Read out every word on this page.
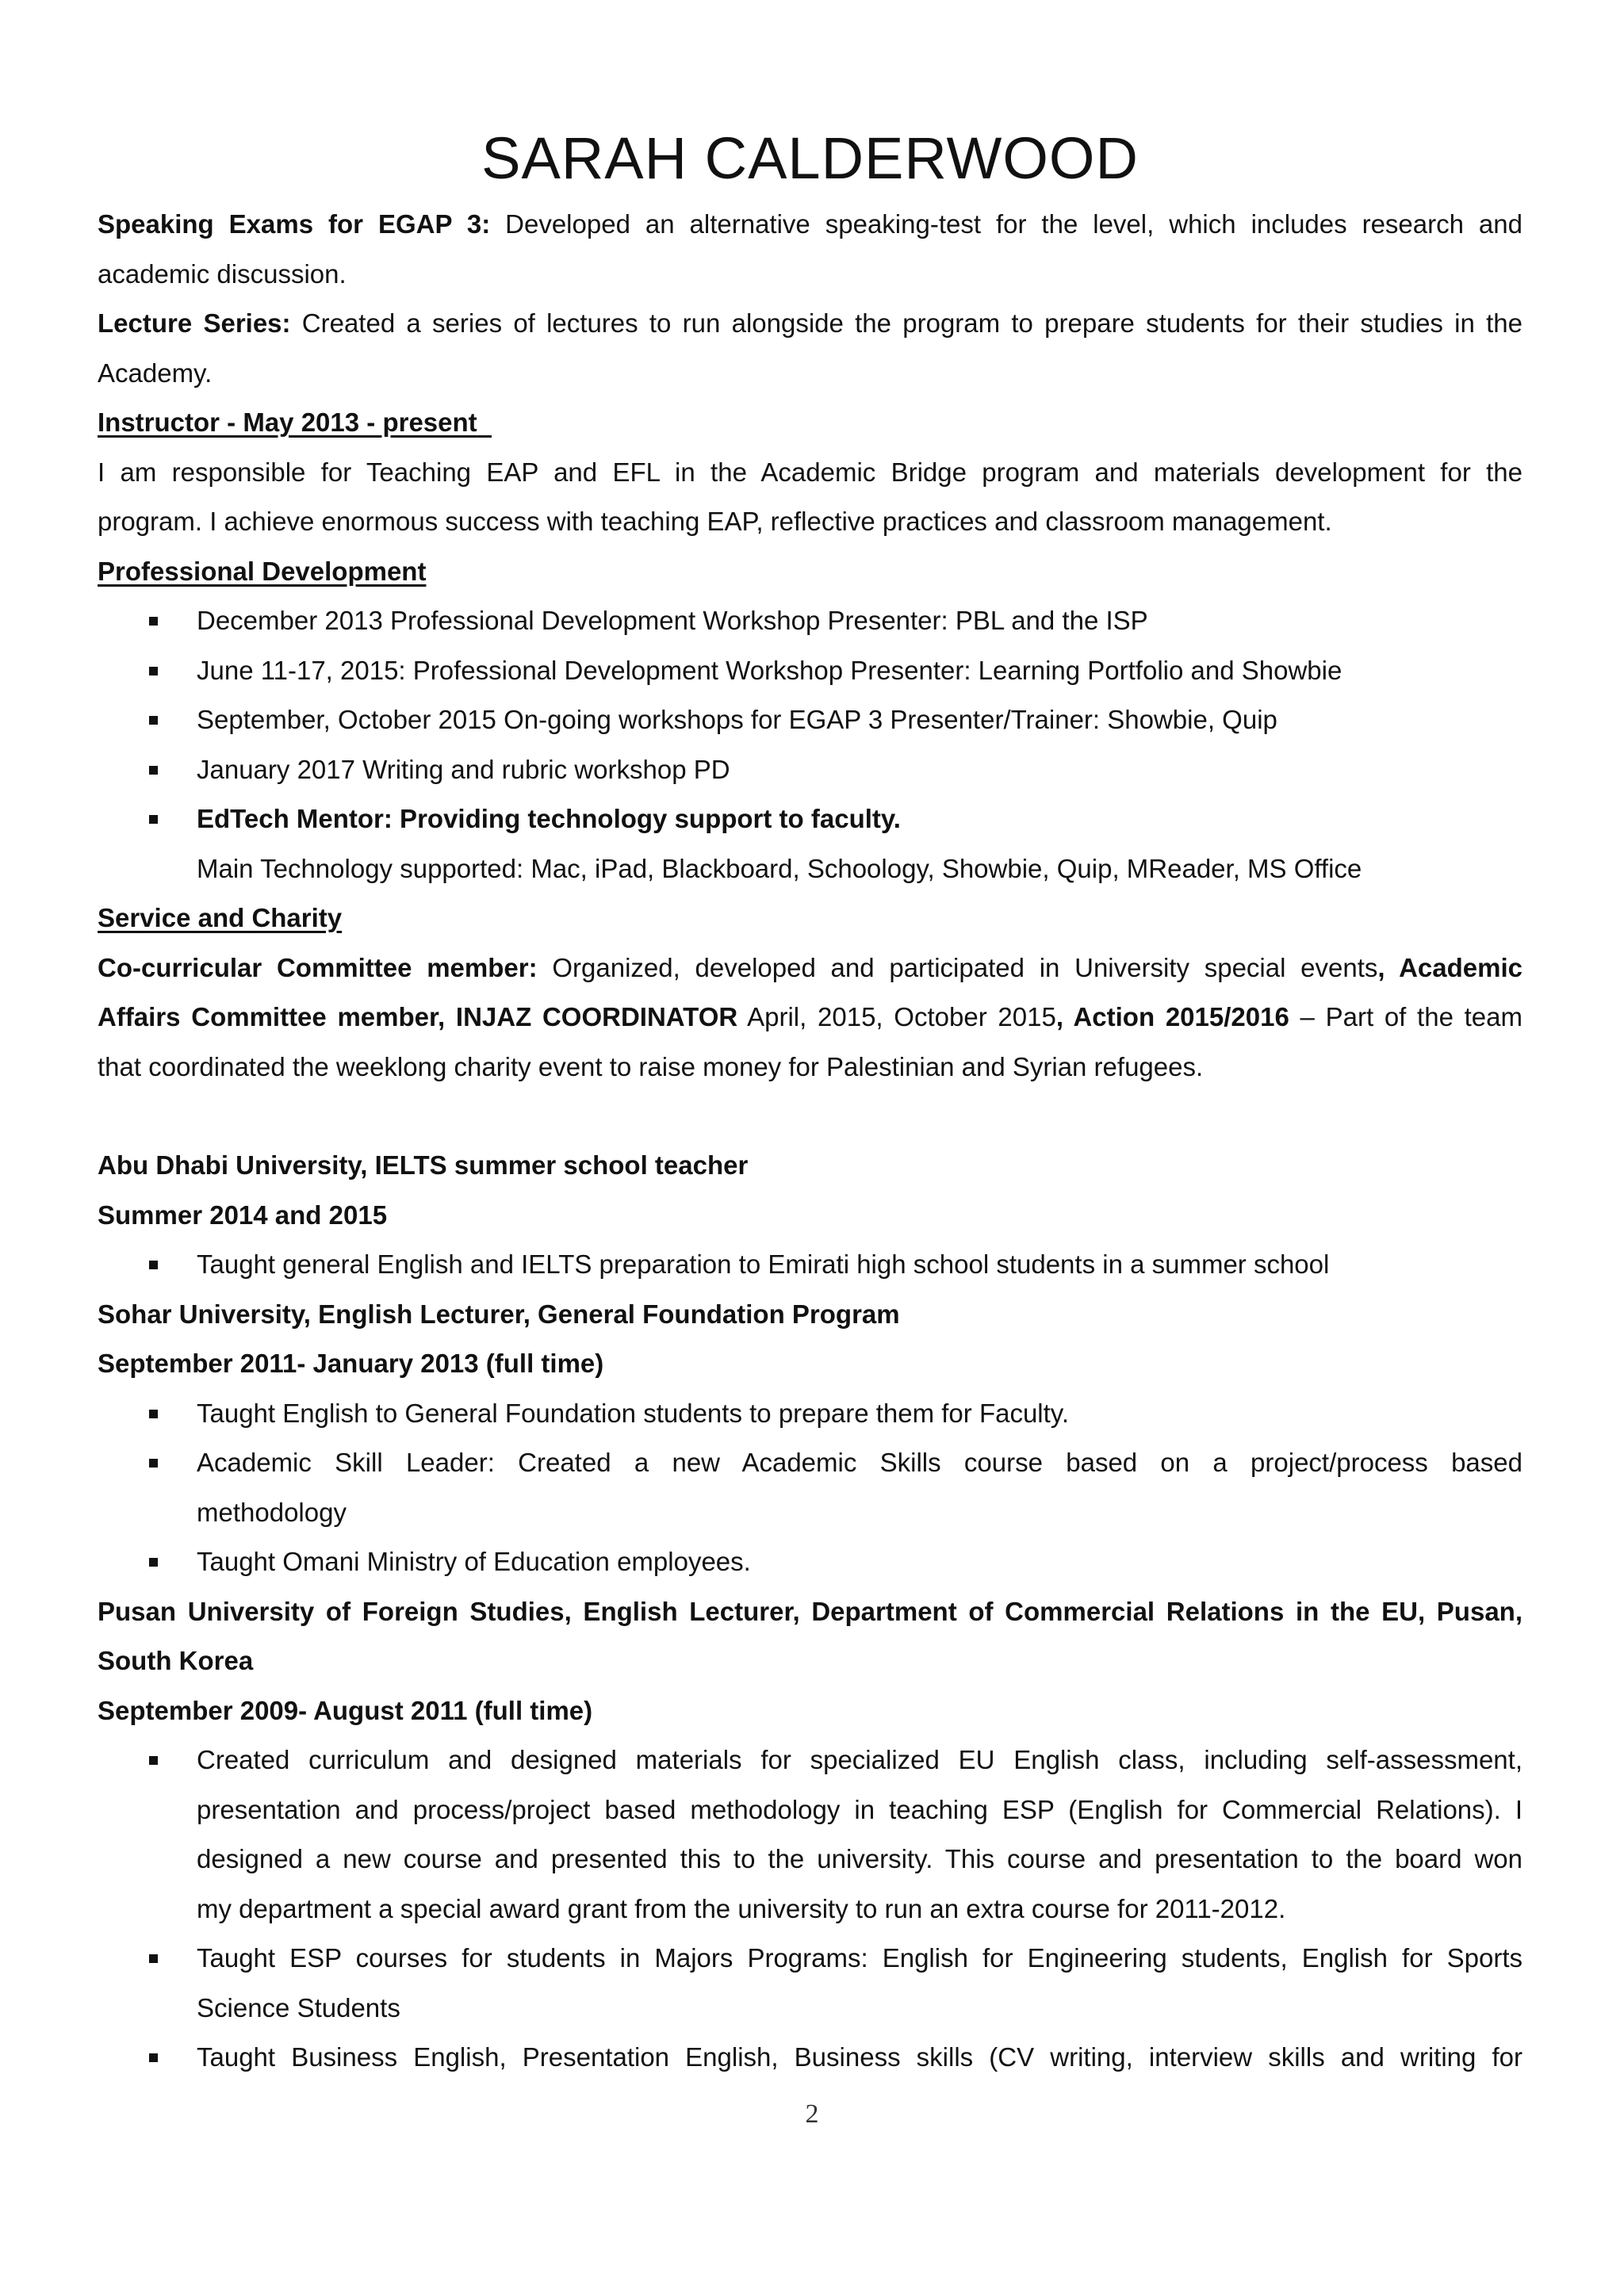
SARAH CALDERWOOD

Speaking Exams for EGAP 3: Developed an alternative speaking-test for the level, which includes research and

academic discussion.

Lecture Series: Created a series of lectures to run alongside the program to prepare students for their studies in the

Academy.

Instructor - May 2013 - present

I am responsible for Teaching EAP and EFL in the Academic Bridge program and materials development for the

program. I achieve enormous success with teaching EAP, reflective practices and classroom management.

Professional Development

December 2013 Professional Development Workshop Presenter: PBL and the ISP

June 11-17, 2015: Professional Development Workshop Presenter: Learning Portfolio and Showbie

September, October 2015 On-going workshops for EGAP 3 Presenter/Trainer: Showbie, Quip

January 2017 Writing and rubric workshop PD

EdTech Mentor: Providing technology support to faculty.

Main Technology supported: Mac, iPad, Blackboard, Schoology, Showbie, Quip, MReader, MS Office

Service and Charity

Co-curricular Committee member: Organized, developed and participated in University special events, Academic

Affairs Committee member, INJAZ COORDINATOR April, 2015, October 2015, Action 2015/2016 – Part of the team

that coordinated the weeklong charity event to raise money for Palestinian and Syrian refugees.

Abu Dhabi University, IELTS summer school teacher

Summer 2014 and 2015

Taught general English and IELTS preparation to Emirati high school students in a summer school

Sohar University, English Lecturer, General Foundation Program

September 2011- January 2013 (full time)

Taught English to General Foundation students to prepare them for Faculty.

Academic Skill Leader: Created a new Academic Skills course based on a project/process based

methodology

Taught Omani Ministry of Education employees.

Pusan University of Foreign Studies, English Lecturer, Department of Commercial Relations in the EU, Pusan,

South Korea

September 2009- August 2011 (full time)

Created curriculum and designed materials for specialized EU English class, including self-assessment,

presentation and process/project based methodology in teaching ESP (English for Commercial Relations). I

designed a new course and presented this to the university. This course and presentation to the board won

my department a special award grant from the university to run an extra course for 2011-2012.

Taught ESP courses for students in Majors Programs: English for Engineering students, English for Sports

Science Students

Taught Business English, Presentation English, Business skills (CV writing, interview skills and writing for

2
